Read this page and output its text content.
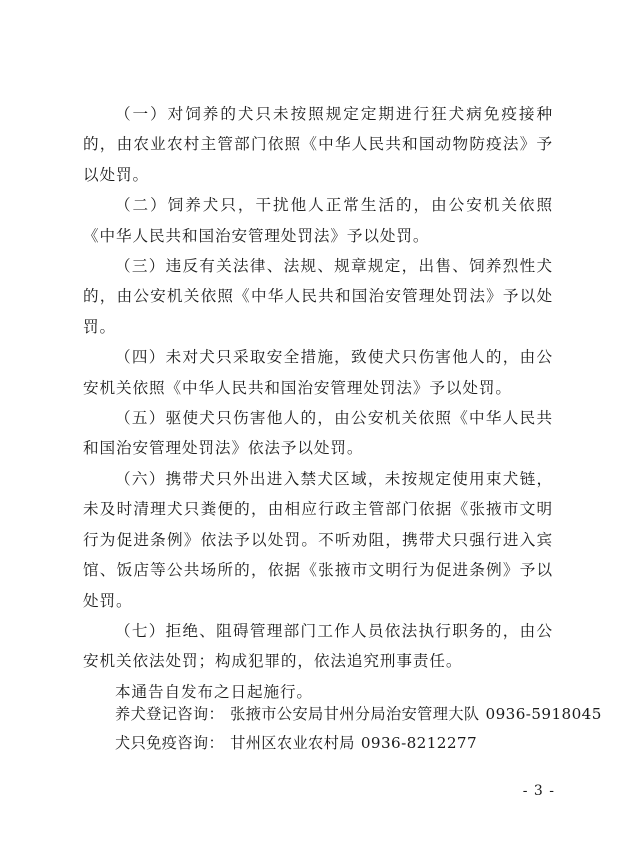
（一）对饲养的犬只未按照规定定期进行狂犬病免疫接种的，由农业农村主管部门依照《中华人民共和国动物防疫法》予以处罚。

（二）饲养犬只，干扰他人正常生活的，由公安机关依照《中华人民共和国治安管理处罚法》予以处罚。

（三）违反有关法律、法规、规章规定，出售、饲养烈性犬的，由公安机关依照《中华人民共和国治安管理处罚法》予以处罚。

（四）未对犬只采取安全措施，致使犬只伤害他人的，由公安机关依照《中华人民共和国治安管理处罚法》予以处罚。

（五）驱使犬只伤害他人的，由公安机关依照《中华人民共和国治安管理处罚法》依法予以处罚。

（六）携带犬只外出进入禁犬区域，未按规定使用束犬链，未及时清理犬只粪便的，由相应行政主管部门依据《张掖市文明行为促进条例》依法予以处罚。不听劝阻，携带犬只强行进入宾馆、饭店等公共场所的，依据《张掖市文明行为促进条例》予以处罚。

（七）拒绝、阻碍管理部门工作人员依法执行职务的，由公安机关依法处罚；构成犯罪的，依法追究刑事责任。

本通告自发布之日起施行。

养犬登记咨询： 张掖市公安局甘州分局治安管理大队 0936-5918045
犬只免疫咨询： 甘州区农业农村局 0936-8212277
- 3 -
